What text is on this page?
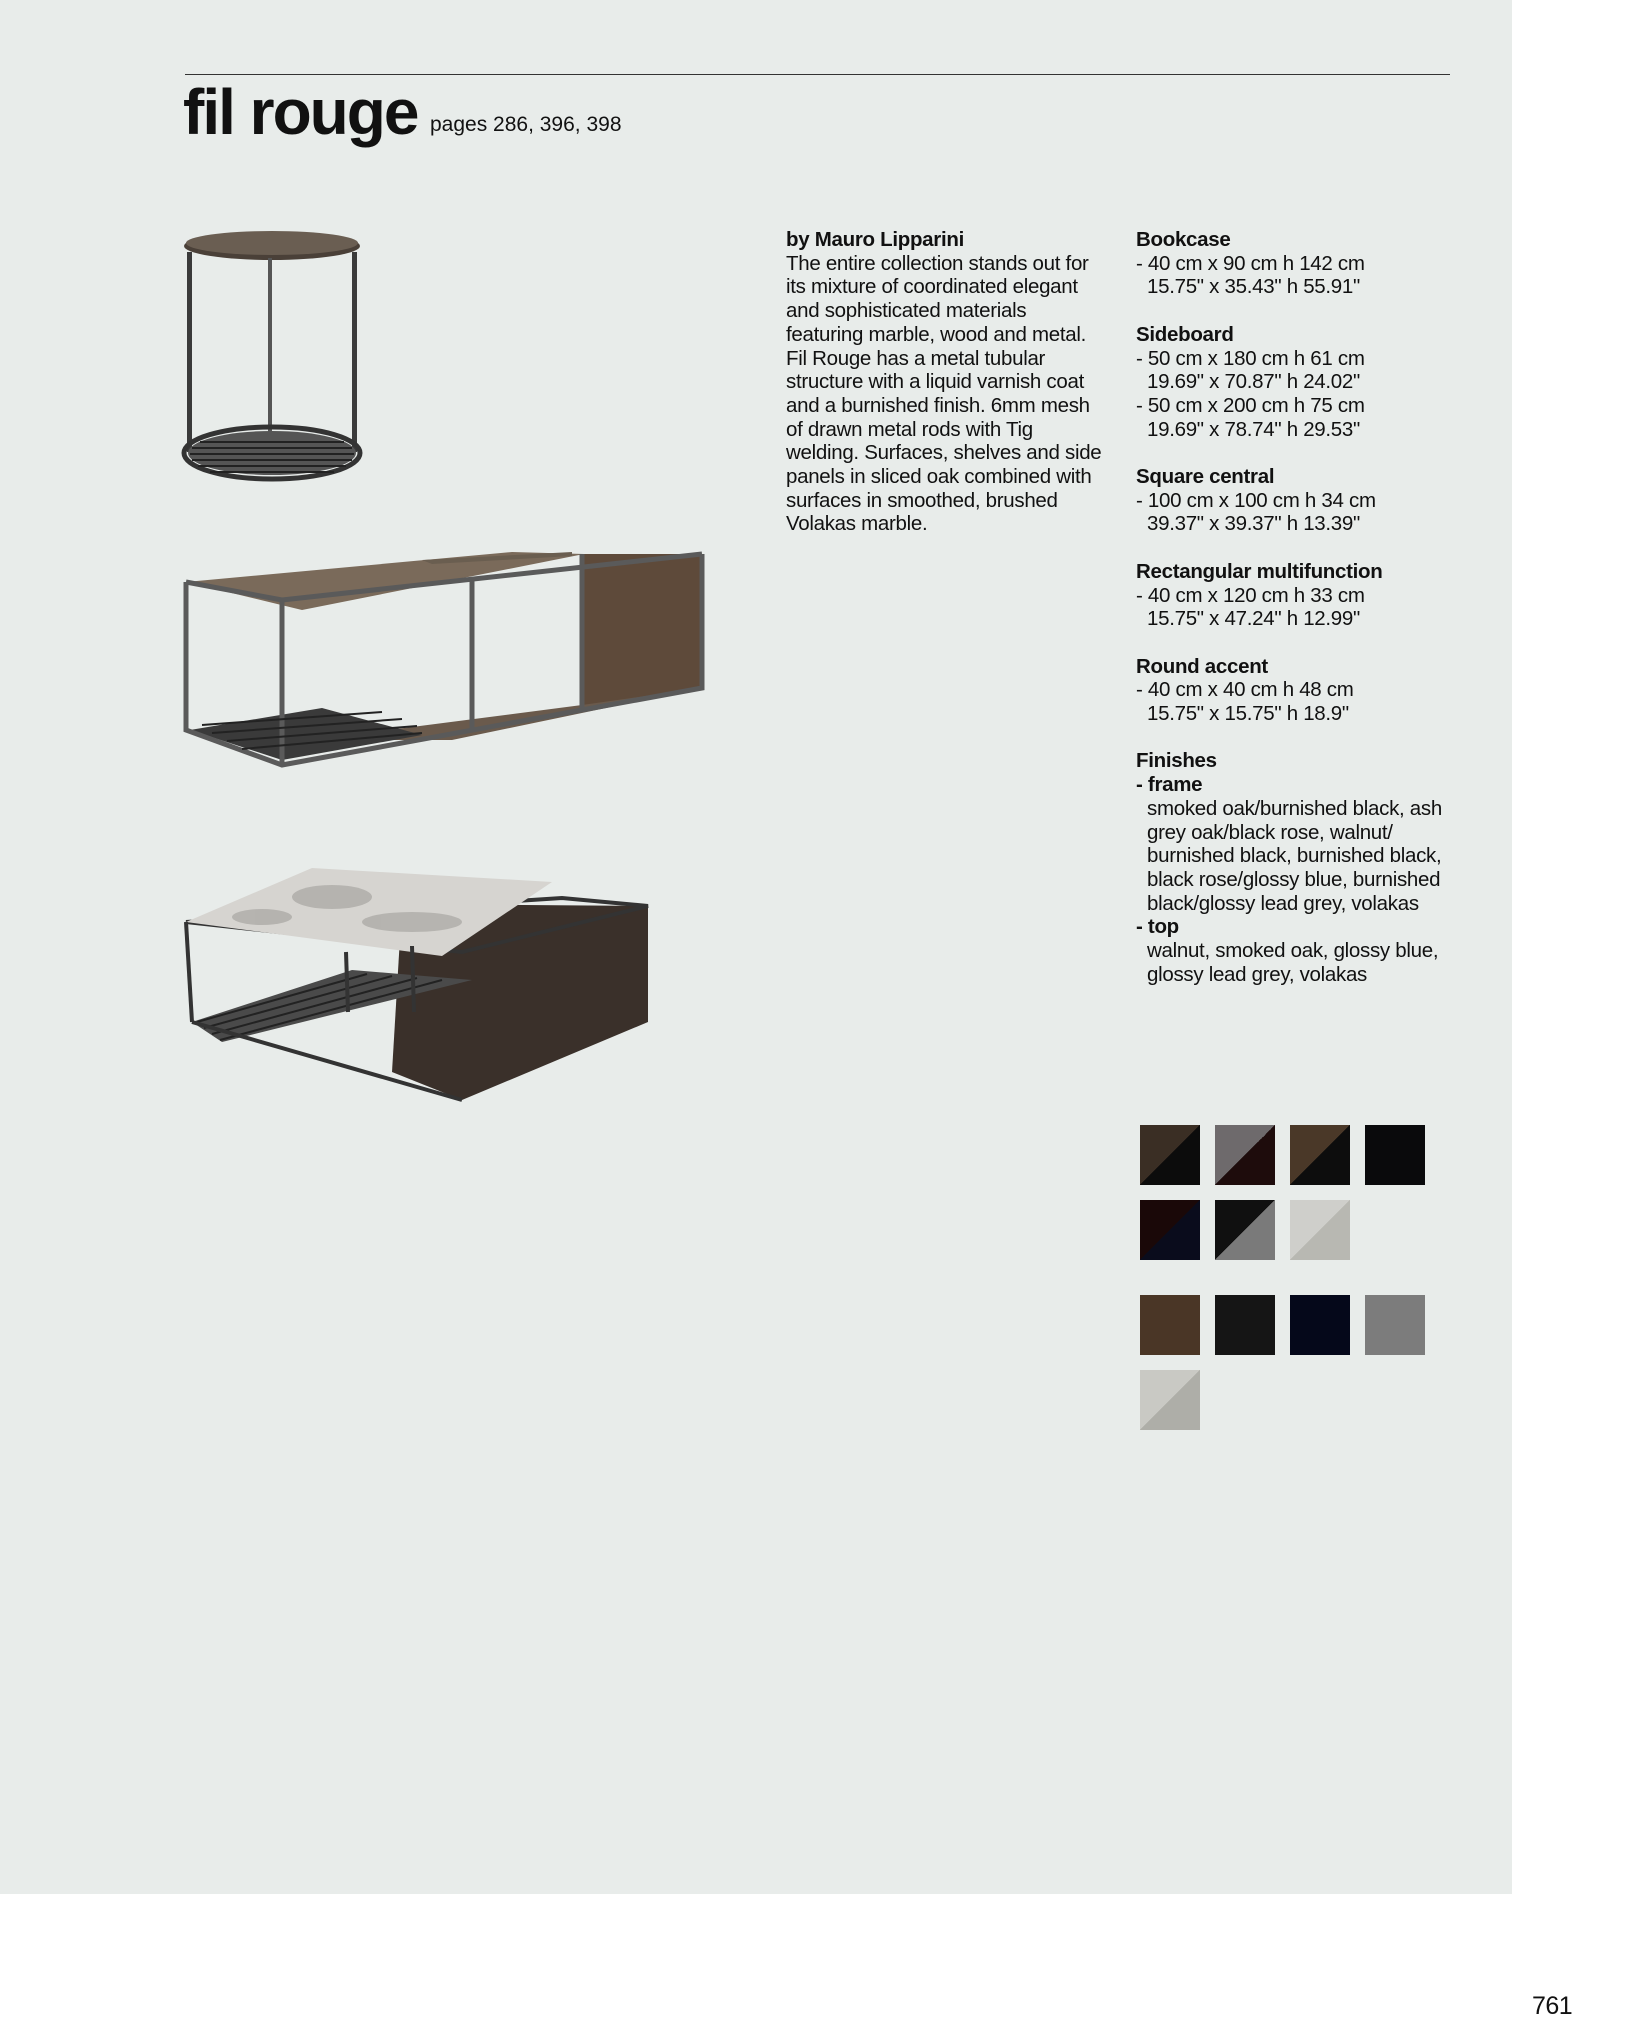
fil rouge pages 286, 396, 398
by Mauro Lipparini
The entire collection stands out for its mixture of coordinated elegant and sophisticated materials featuring marble, wood and metal. Fil Rouge has a metal tubular structure with a liquid varnish coat and a burnished finish. 6mm mesh of drawn metal rods with Tig welding. Surfaces, shelves and side panels in sliced oak combined with surfaces in smoothed, brushed Volakas marble.
Bookcase
- 40 cm x 90 cm h 142 cm
15.75" x 35.43" h 55.91"
Sideboard
- 50 cm x 180 cm h 61 cm
19.69" x 70.87" h 24.02"
- 50 cm x 200 cm h 75 cm
19.69" x 78.74" h 29.53"
Square central
- 100 cm x 100 cm h 34 cm
39.37" x 39.37" h 13.39"
Rectangular multifunction
- 40 cm x 120 cm h 33 cm
15.75" x 47.24" h 12.99"
Round accent
- 40 cm x 40 cm h 48 cm
15.75" x 15.75" h 18.9"
Finishes
- frame
smoked oak/burnished black, ash grey oak/black rose, walnut/ burnished black, burnished black, black rose/glossy blue, burnished black/glossy lead grey, volakas
- top
walnut, smoked oak, glossy blue, glossy lead grey, volakas
761
